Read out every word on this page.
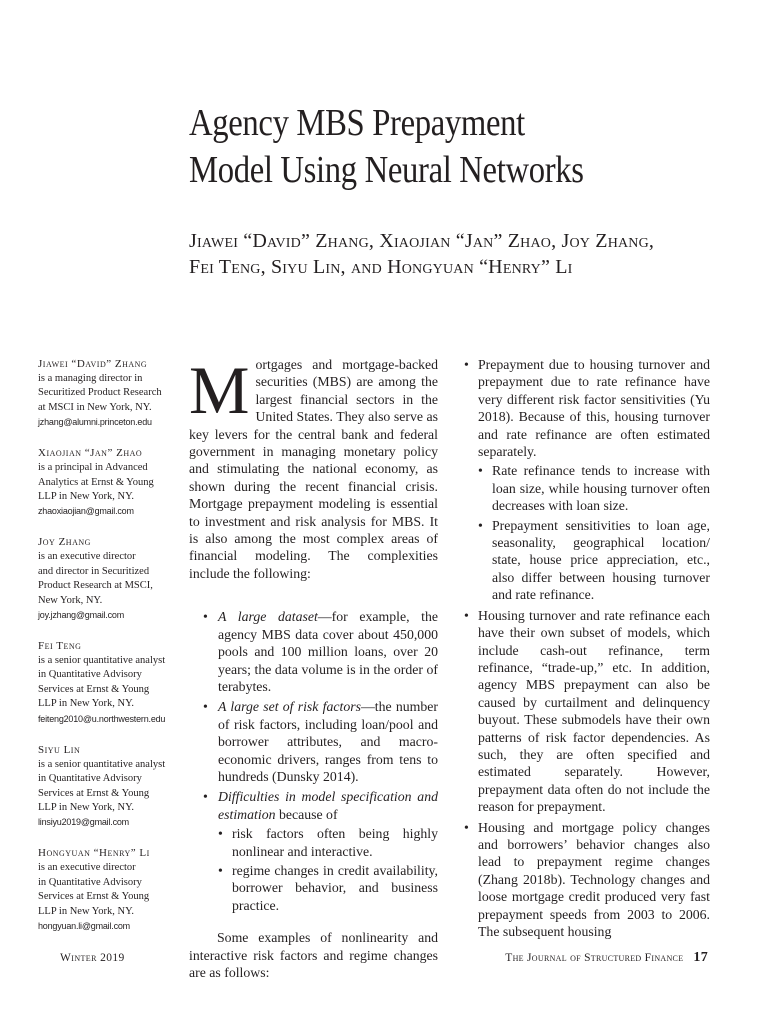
Agency MBS Prepayment
Model Using Neural Networks
Jiawei “David” Zhang, Xiaojian “Jan” Zhao, Joy Zhang,
Fei Teng, Siyu Lin, and Hongyuan “Henry” Li
Jiawei “David” Zhang
is a managing director in
Securitized Product Research
at MSCI in New York, NY.
jzhang@alumni.princeton.edu
Xiaojian “Jan” Zhao
is a principal in Advanced
Analytics at Ernst & Young
LLP in New York, NY.
zhaoxiaojian@gmail.com
Joy Zhang
is an executive director
and director in Securitized
Product Research at MSCI,
New York, NY.
joy.jzhang@gmail.com
Fei Teng
is a senior quantitative analyst
in Quantitative Advisory
Services at Ernst & Young
LLP in New York, NY.
feiteng2010@u.northwestern.edu
Siyu Lin
is a senior quantitative analyst
in Quantitative Advisory
Services at Ernst & Young
LLP in New York, NY.
linsiyu2019@gmail.com
Hongyuan “Henry” Li
is an executive director
in Quantitative Advisory
Services at Ernst & Young
LLP in New York, NY.
hongyuan.li@gmail.com

Mortgages and mortgage-backed securities (MBS) are among the largest financial sectors in the United States. They also serve as key levers for the central bank and federal government in managing monetary policy and stimulating the national economy, as shown during the recent financial crisis. Mortgage prepayment modeling is essential to investment and risk analysis for MBS. It is also among the most complex areas of financial modeling. The complexities include the following:

• A large dataset—for example, the agency MBS data cover about 450,000 pools and 100 million loans, over 20 years; the data volume is in the order of terabytes.
• A large set of risk factors—the number of risk factors, including loan/pool and borrower attributes, and macro-economic drivers, ranges from tens to hundreds (Dunsky 2014).
• Difficulties in model specification and estimation because of
• risk factors often being highly nonlinear and interactive.
• regime changes in credit availability, borrower behavior, and business practice.

Some examples of nonlinearity and interactive risk factors and regime changes are as follows:

• Prepayment due to housing turnover and prepayment due to rate refinance have very different risk factor sensitivities (Yu 2018). Because of this, housing turnover and rate refinance are often estimated separately.
• Rate refinance tends to increase with loan size, while housing turnover often decreases with loan size.
• Prepayment sensitivities to loan age, seasonality, geographical location/ state, house price appreciation, etc., also differ between housing turnover and rate refinance.
• Housing turnover and rate refinance each have their own subset of models, which include cash-out refinance, term refinance, “trade-up,” etc. In addition, agency MBS prepayment can also be caused by curtailment and delinquency buyout. These submodels have their own patterns of risk factor dependencies. As such, they are often specified and estimated separately. However, prepayment data often do not include the reason for prepayment.
• Housing and mortgage policy changes and borrowers’ behavior changes also lead to prepayment regime changes (Zhang 2018b). Technology changes and loose mortgage credit produced very fast prepayment speeds from 2003 to 2006. The subsequent housing
Winter 2019	The Journal of Structured Finance 17
